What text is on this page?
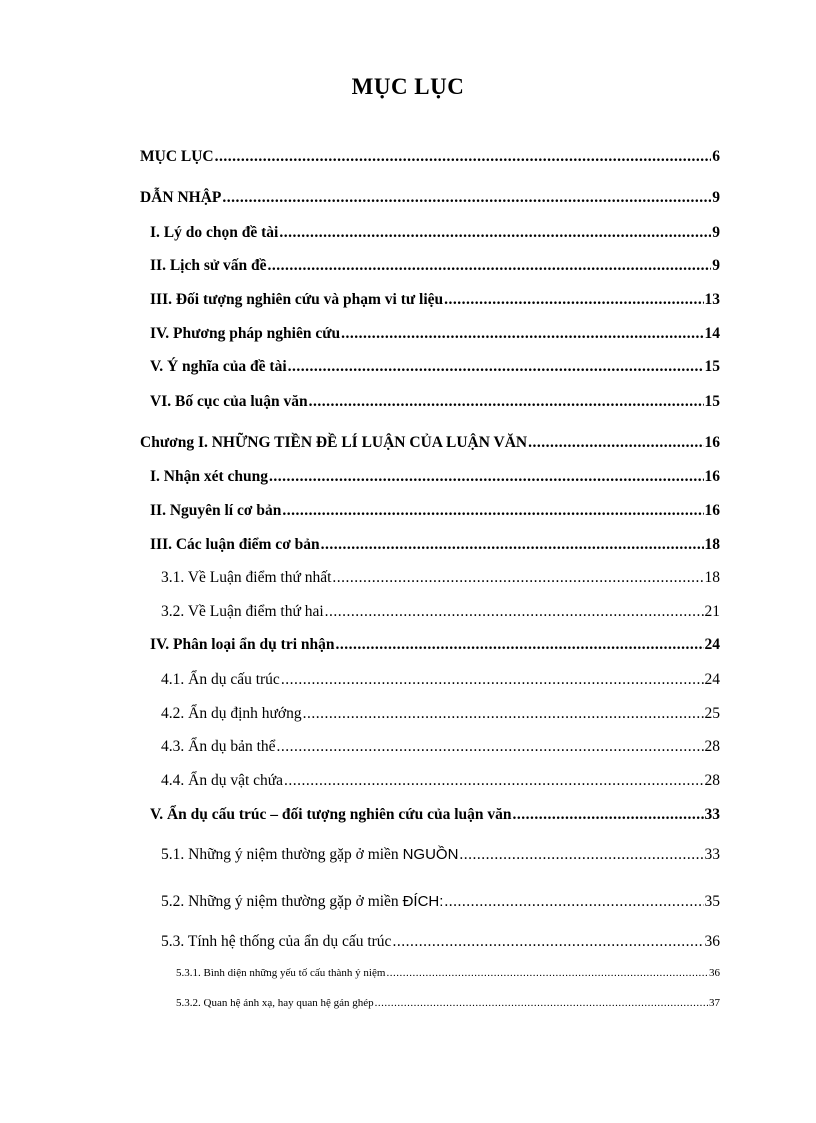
MỤC LỤC
MỤC LỤC .....	6
DẪN NHẬP .....	9
I. Lý do chọn đề tài .....	9
II. Lịch sử vấn đề .....	9
III. Đối tượng nghiên cứu và phạm vi tư liệu .....	13
IV. Phương pháp nghiên cứu .....	14
V. Ý nghĩa của đề tài .....	15
VI. Bố cục của luận văn .....	15
Chương I. NHỮNG TIỀN ĐỀ LÍ LUẬN CỦA LUẬN VĂN .....	16
I. Nhận xét chung .....	16
II. Nguyên lí cơ bản .....	16
III. Các luận điểm cơ bản .....	18
3.1. Về Luận điểm thứ nhất .....	18
3.2. Về Luận điểm thứ hai .....	21
IV. Phân loại ẩn dụ tri nhận .....	24
4.1. Ẩn dụ cấu trúc .....	24
4.2. Ẩn dụ định hướng .....	25
4.3. Ẩn dụ bản thể .....	28
4.4. Ẩn dụ vật chứa .....	28
V. Ẩn dụ cấu trúc – đối tượng nghiên cứu của luận văn .....	33
5.1. Những ý niệm thường gặp ở miền NGUỒN .....	33
5.2. Những ý niệm thường gặp ở miền ĐÍCH: .....	35
5.3. Tính hệ thống của ẩn dụ cấu trúc .....	36
5.3.1. Bình diện những yếu tố cấu thành ý niệm .....	36
5.3.2. Quan hệ ánh xạ, hay quan hệ gán ghép .....	37
